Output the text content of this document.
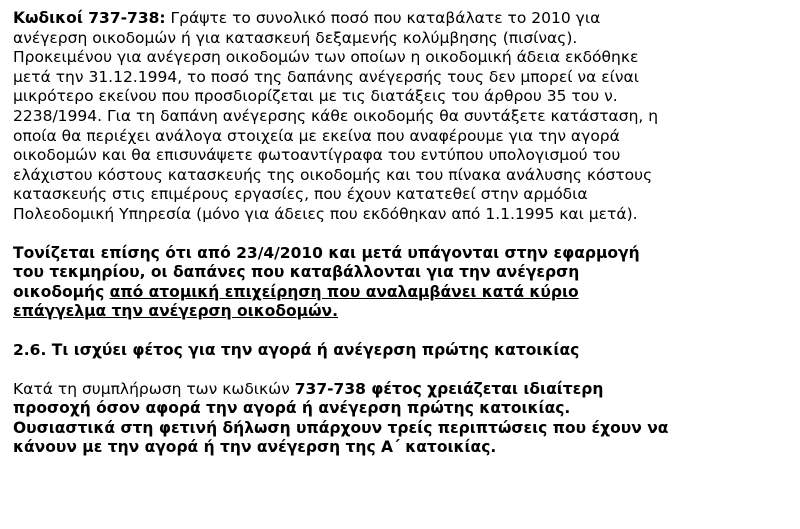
Κωδικοί 737-738: Γράψτε το συνολικό ποσό που καταβάλατε το 2010 για
ανέγερση οικοδομών ή για κατασκευή δεξαμενής κολύμβησης (πισίνας).
Προκειμένου για ανέγερση οικοδομών των οποίων η οικοδομική άδεια εκδόθηκε
μετά την 31.12.1994, το ποσό της δαπάνης ανέγερσής τους δεν μπορεί να είναι
μικρότερο εκείνου που προσδιορίζεται με τις διατάξεις του άρθρου 35 του ν.
2238/1994. Για τη δαπάνη ανέγερσης κάθε οικοδομής θα συντάξετε κατάσταση, η
οποία θα περιέχει ανάλογα στοιχεία με εκείνα που αναφέρουμε για την αγορά
οικοδομών και θα επισυνάψετε φωτοαντίγραφα του εντύπου υπολογισμού του
ελάχιστου κόστους κατασκευής της οικοδομής και του πίνακα ανάλυσης κόστους
κατασκευής στις επιμέρους εργασίες, που έχουν κατατεθεί στην αρμόδια
Πολεοδομική Υπηρεσία (μόνο για άδειες που εκδόθηκαν από 1.1.1995 και μετά).

Τονίζεται επίσης ότι από 23/4/2010 και μετά υπάγονται στην εφαρμογή
του τεκμηρίου, οι δαπάνες που καταβάλλονται για την ανέγερση
οικοδομής από ατομική επιχείρηση που αναλαμβάνει κατά κύριο
επάγγελμα την ανέγερση οικοδομών.

2.6. Τι ισχύει φέτος για την αγορά ή ανέγερση πρώτης κατοικίας

Κατά τη συμπλήρωση των κωδικών 737-738 φέτος χρειάζεται ιδιαίτερη
προσοχή όσον αφορά την αγορά ή ανέγερση πρώτης κατοικίας.
Ουσιαστικά στη φετινή δήλωση υπάρχουν τρείς περιπτώσεις που έχουν να
κάνουν με την αγορά ή την ανέγερση της Α΄ κατοικίας.
